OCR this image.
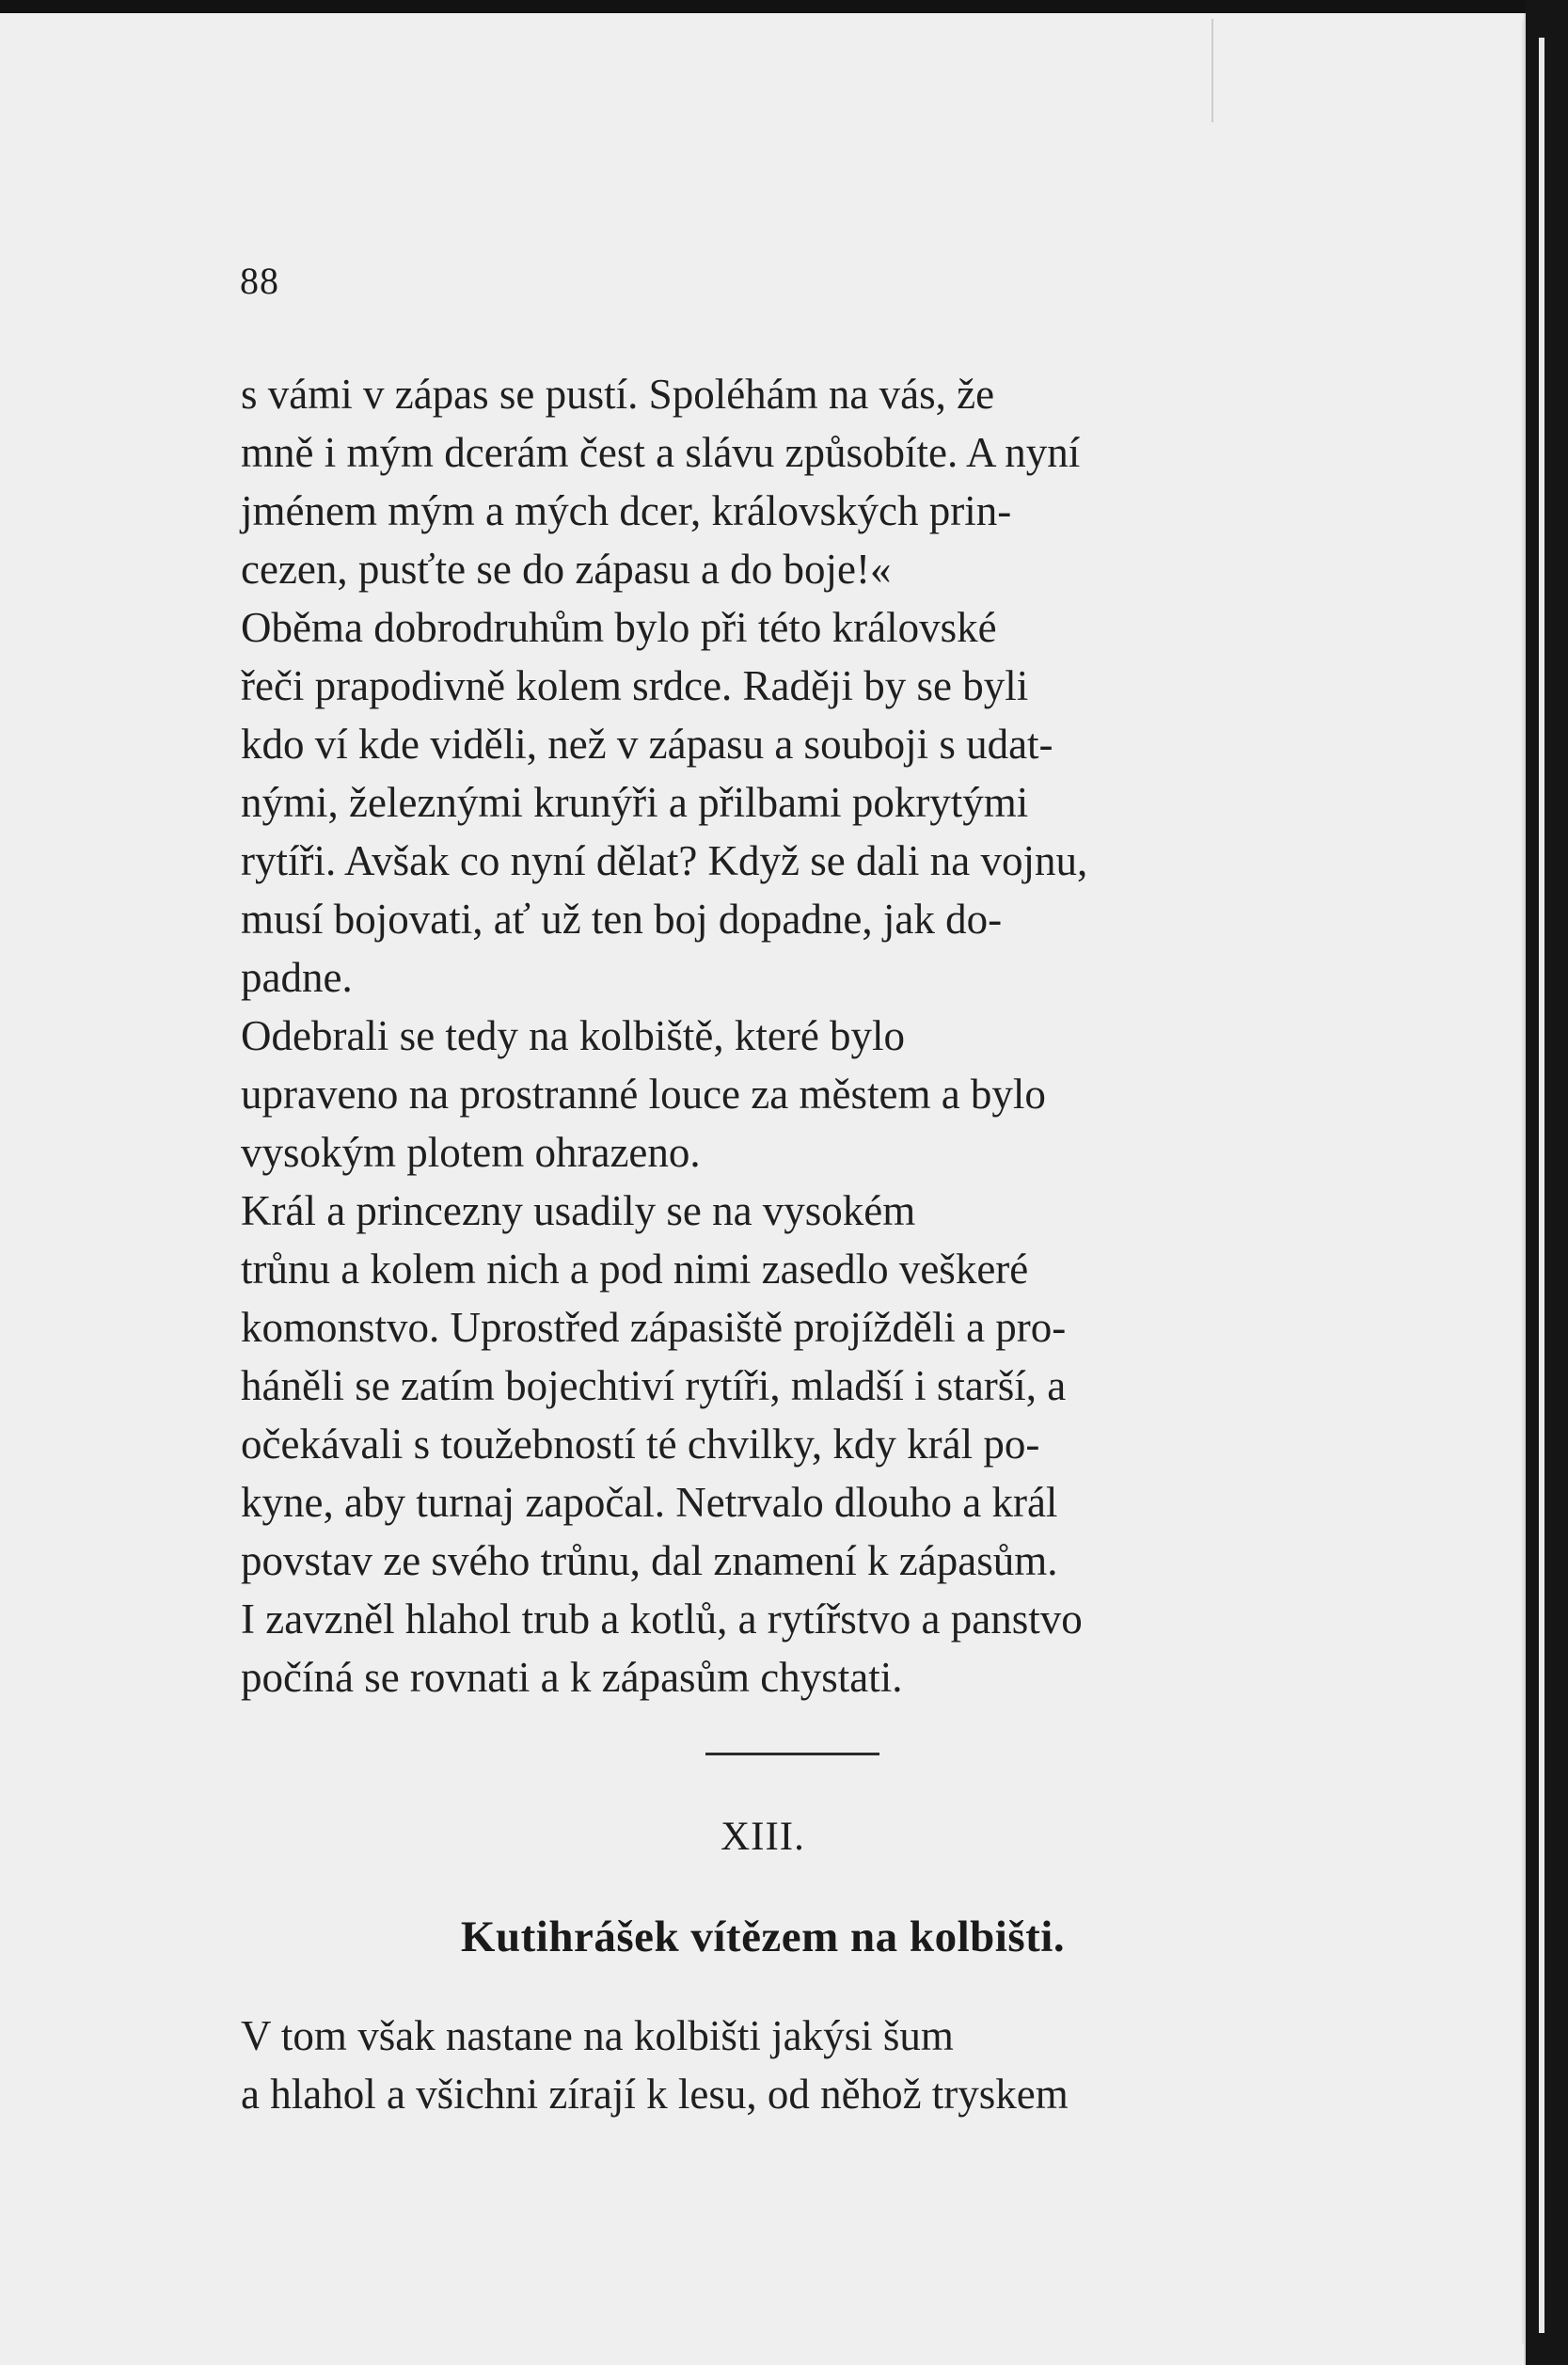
88

s vámi v zápas se pustí. Spoléhám na vás, že
mně i mým dcerám čest a slávu způsobíte. A nyní
jménem mým a mých dcer, královských prin-
cezen, pusťte se do zápasu a do boje!«

Oběma dobrodruhům bylo při této královské
řeči prapodivně kolem srdce. Raději by se byli
kdo ví kde viděli, než v zápasu a souboji s udat-
nými, železnými krunýři a přilbami pokrytými
rytíři. Avšak co nyní dělat? Když se dali na vojnu,
musí bojovati, ať už ten boj dopadne, jak do-
padne.

Odebrali se tedy na kolbiště, které bylo
upraveno na prostranné louce za městem a bylo
vysokým plotem ohrazeno.

Král a princezny usadily se na vysokém
trůnu a kolem nich a pod nimi zasedlo veškeré
komonstvo. Uprostřed zápasiště projížděli a pro-
háněli se zatím bojechtiví rytíři, mladší i starší, a
očekávali s toužebností té chvilky, kdy král po-
kyne, aby turnaj započal. Netrvalo dlouho a král
povstav ze svého trůnu, dal znamení k zápasům.
I zavzněl hlahol trub a kotlů, a rytířstvo a panstvo
počíná se rovnati a k zápasům chystati.

XIII.
Kutihrášek vítězem na kolbišti.

V tom však nastane na kolbišti jakýsi šum
a hlahol a všichni zírají k lesu, od něhož tryskem
